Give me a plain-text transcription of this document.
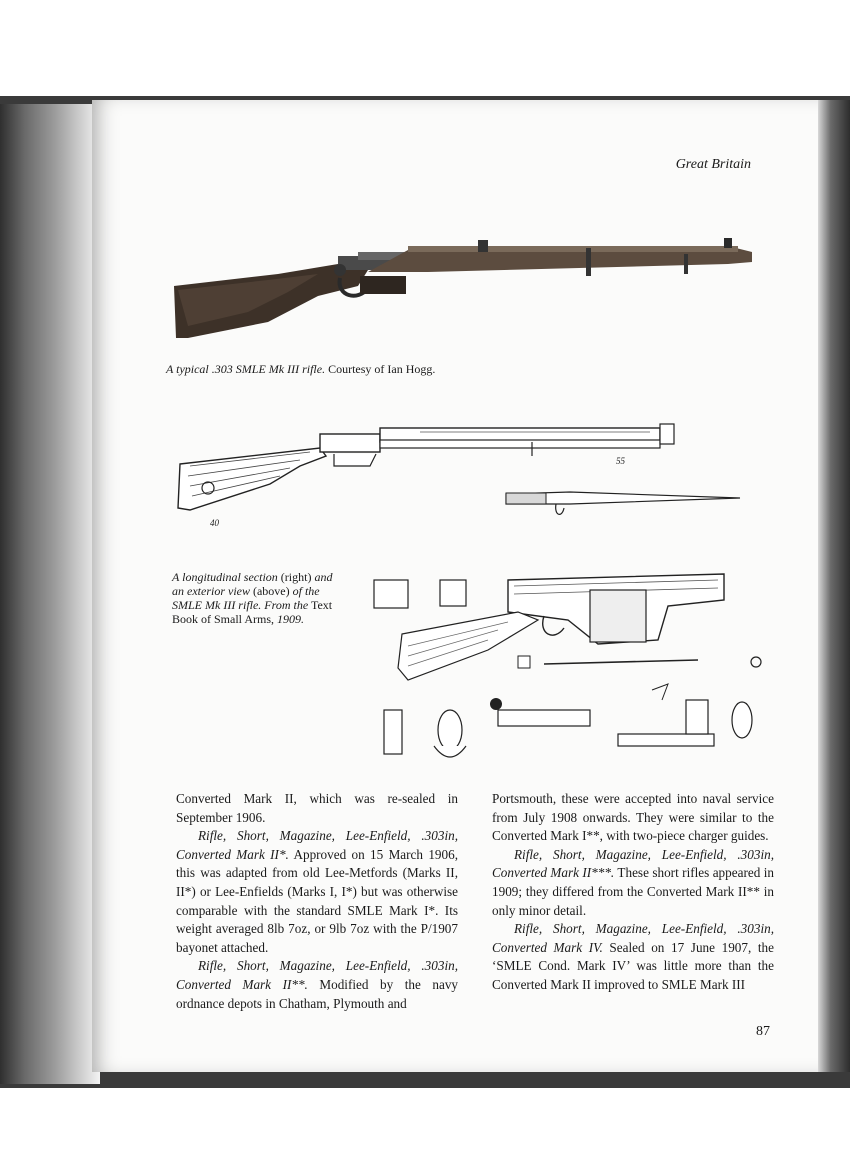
Great Britain
A typical .303 SMLE Mk III rifle. Courtesy of Ian Hogg.
55
40
A longitudinal section (right) and an exterior view (above) of the SMLE Mk III rifle. From the Text Book of Small Arms, 1909.

Converted Mark II, which was re-sealed in September 1906.

Rifle, Short, Magazine, Lee-Enfield, .303in, Converted Mark II*. Approved on 15 March 1906, this was adapted from old Lee-Metfords (Marks II, II*) or Lee-Enfields (Marks I, I*) but was otherwise comparable with the standard SMLE Mark I*. Its weight averaged 8lb 7oz, or 9lb 7oz with the P/1907 bayonet attached.

Rifle, Short, Magazine, Lee-Enfield, .303in, Converted Mark II**. Modified by the navy ordnance depots in Chatham, Plymouth and

Portsmouth, these were accepted into naval service from July 1908 onwards. They were similar to the Converted Mark I**, with two-piece charger guides.

Rifle, Short, Magazine, Lee-Enfield, .303in, Converted Mark II***. These short rifles appeared in 1909; they differed from the Converted Mark II** in only minor detail.

Rifle, Short, Magazine, Lee-Enfield, .303in, Converted Mark IV. Sealed on 17 June 1907, the ‘SMLE Cond. Mark IV’ was little more than the Converted Mark II improved to SMLE Mark III

87
